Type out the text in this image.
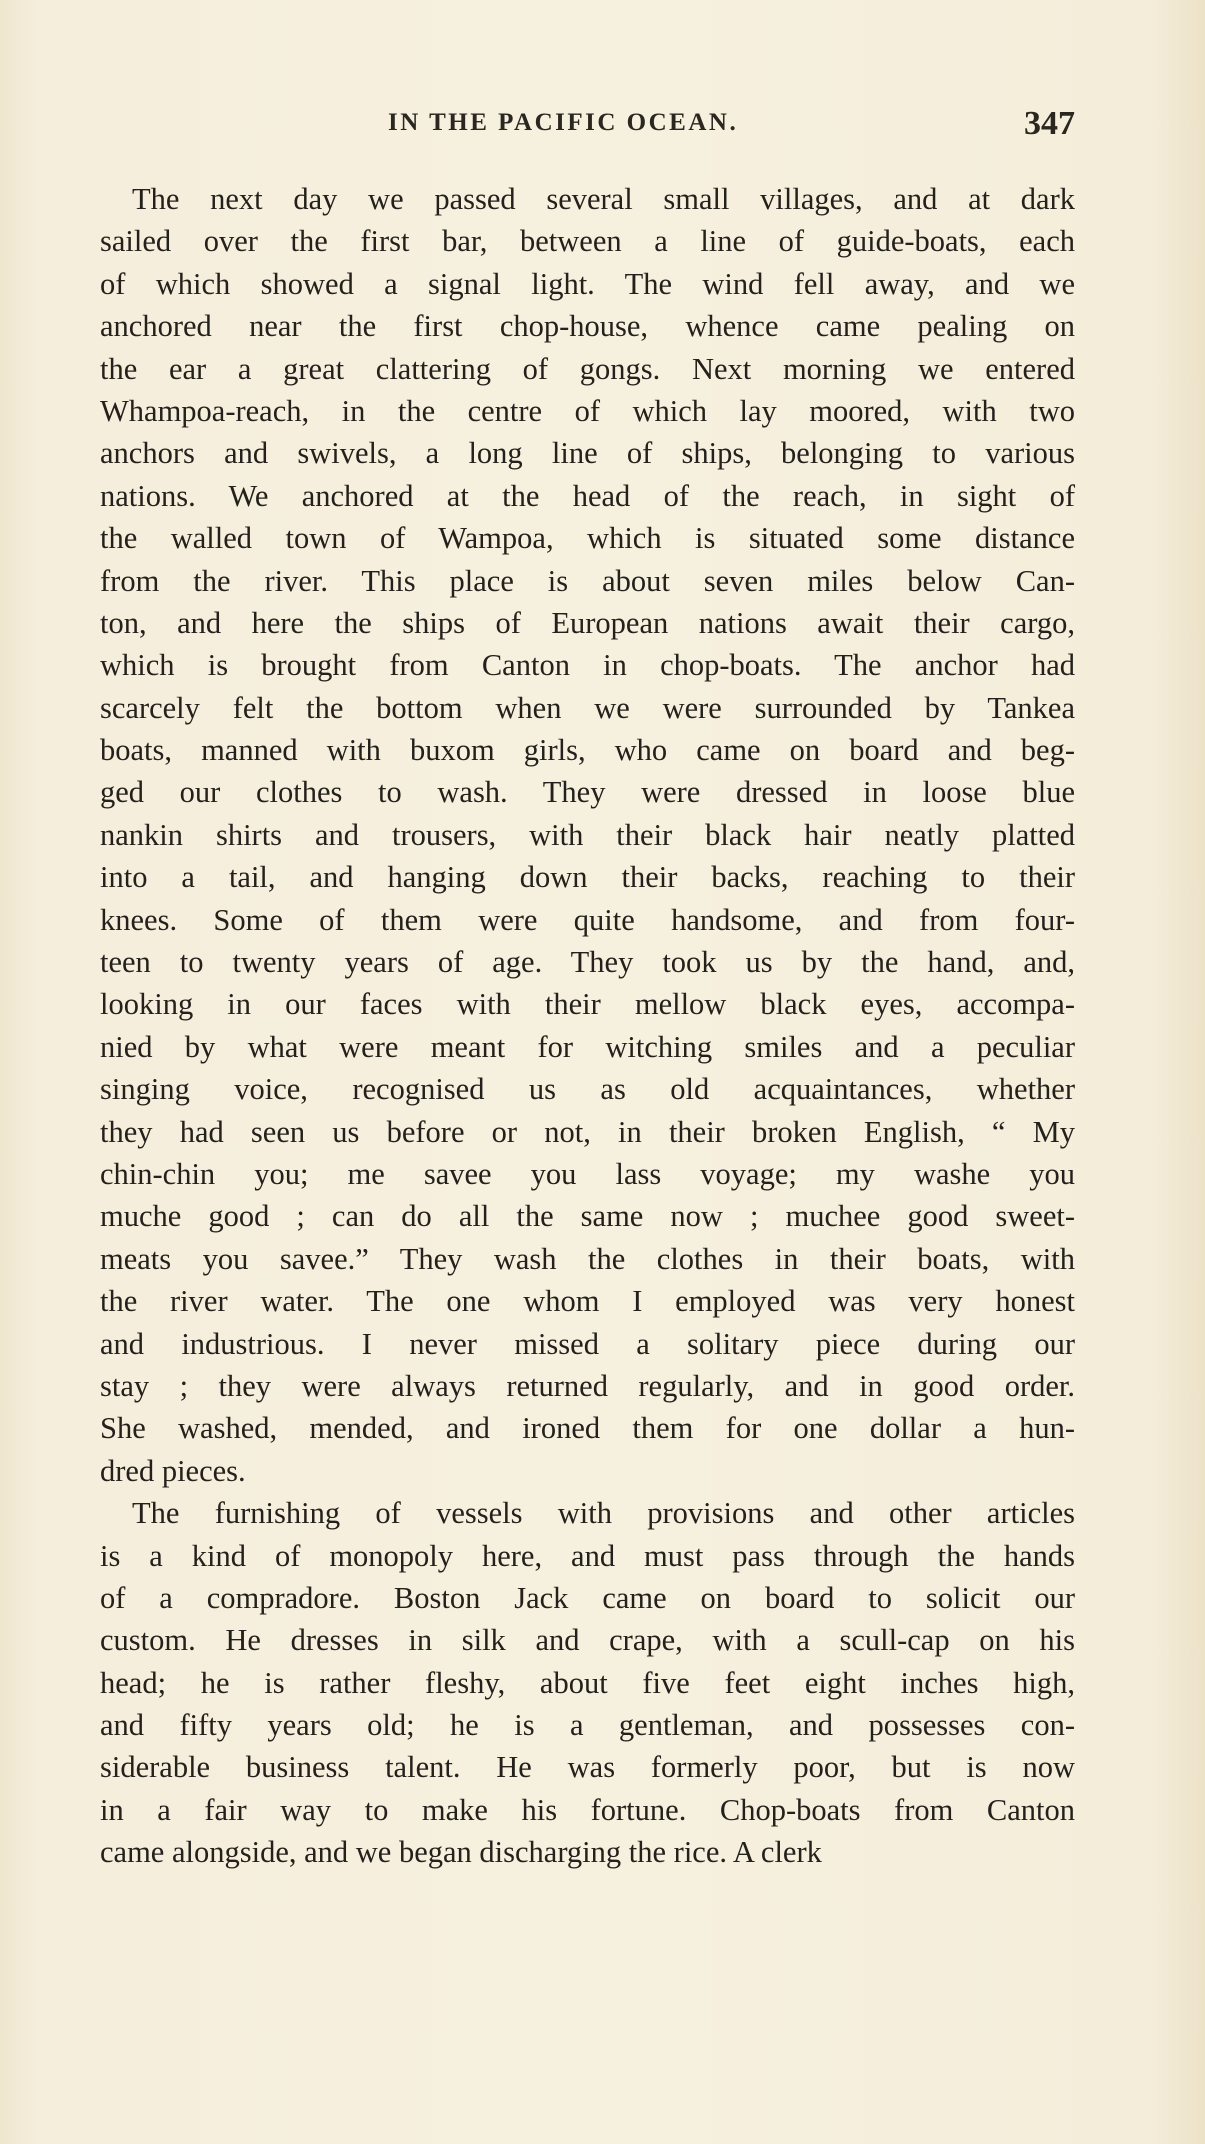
IN THE PACIFIC OCEAN.	347
The next day we passed several small villages, and at dark
sailed over the first bar, between a line of guide-boats, each
of which showed a signal light. The wind fell away, and we
anchored near the first chop-house, whence came pealing on
the ear a great clattering of gongs. Next morning we entered
Whampoa-reach, in the centre of which lay moored, with two
anchors and swivels, a long line of ships, belonging to various
nations. We anchored at the head of the reach, in sight of
the walled town of Wampoa, which is situated some distance
from the river. This place is about seven miles below Can-
ton, and here the ships of European nations await their cargo,
which is brought from Canton in chop-boats. The anchor had
scarcely felt the bottom when we were surrounded by Tankea
boats, manned with buxom girls, who came on board and beg-
ged our clothes to wash. They were dressed in loose blue
nankin shirts and trousers, with their black hair neatly platted
into a tail, and hanging down their backs, reaching to their
knees. Some of them were quite handsome, and from four-
teen to twenty years of age. They took us by the hand, and,
looking in our faces with their mellow black eyes, accompa-
nied by what were meant for witching smiles and a peculiar
singing voice, recognised us as old acquaintances, whether
they had seen us before or not, in their broken English, “ My
chin-chin you; me savee you lass voyage; my washe you
muche good ; can do all the same now ; muchee good sweet-
meats you savee.” They wash the clothes in their boats, with
the river water. The one whom I employed was very honest
and industrious. I never missed a solitary piece during our
stay ; they were always returned regularly, and in good order.
She washed, mended, and ironed them for one dollar a hun-
dred pieces.
The furnishing of vessels with provisions and other articles
is a kind of monopoly here, and must pass through the hands
of a compradore. Boston Jack came on board to solicit our
custom. He dresses in silk and crape, with a scull-cap on his
head; he is rather fleshy, about five feet eight inches high,
and fifty years old; he is a gentleman, and possesses con-
siderable business talent. He was formerly poor, but is now
in a fair way to make his fortune. Chop-boats from Canton
came alongside, and we began discharging the rice. A clerk
